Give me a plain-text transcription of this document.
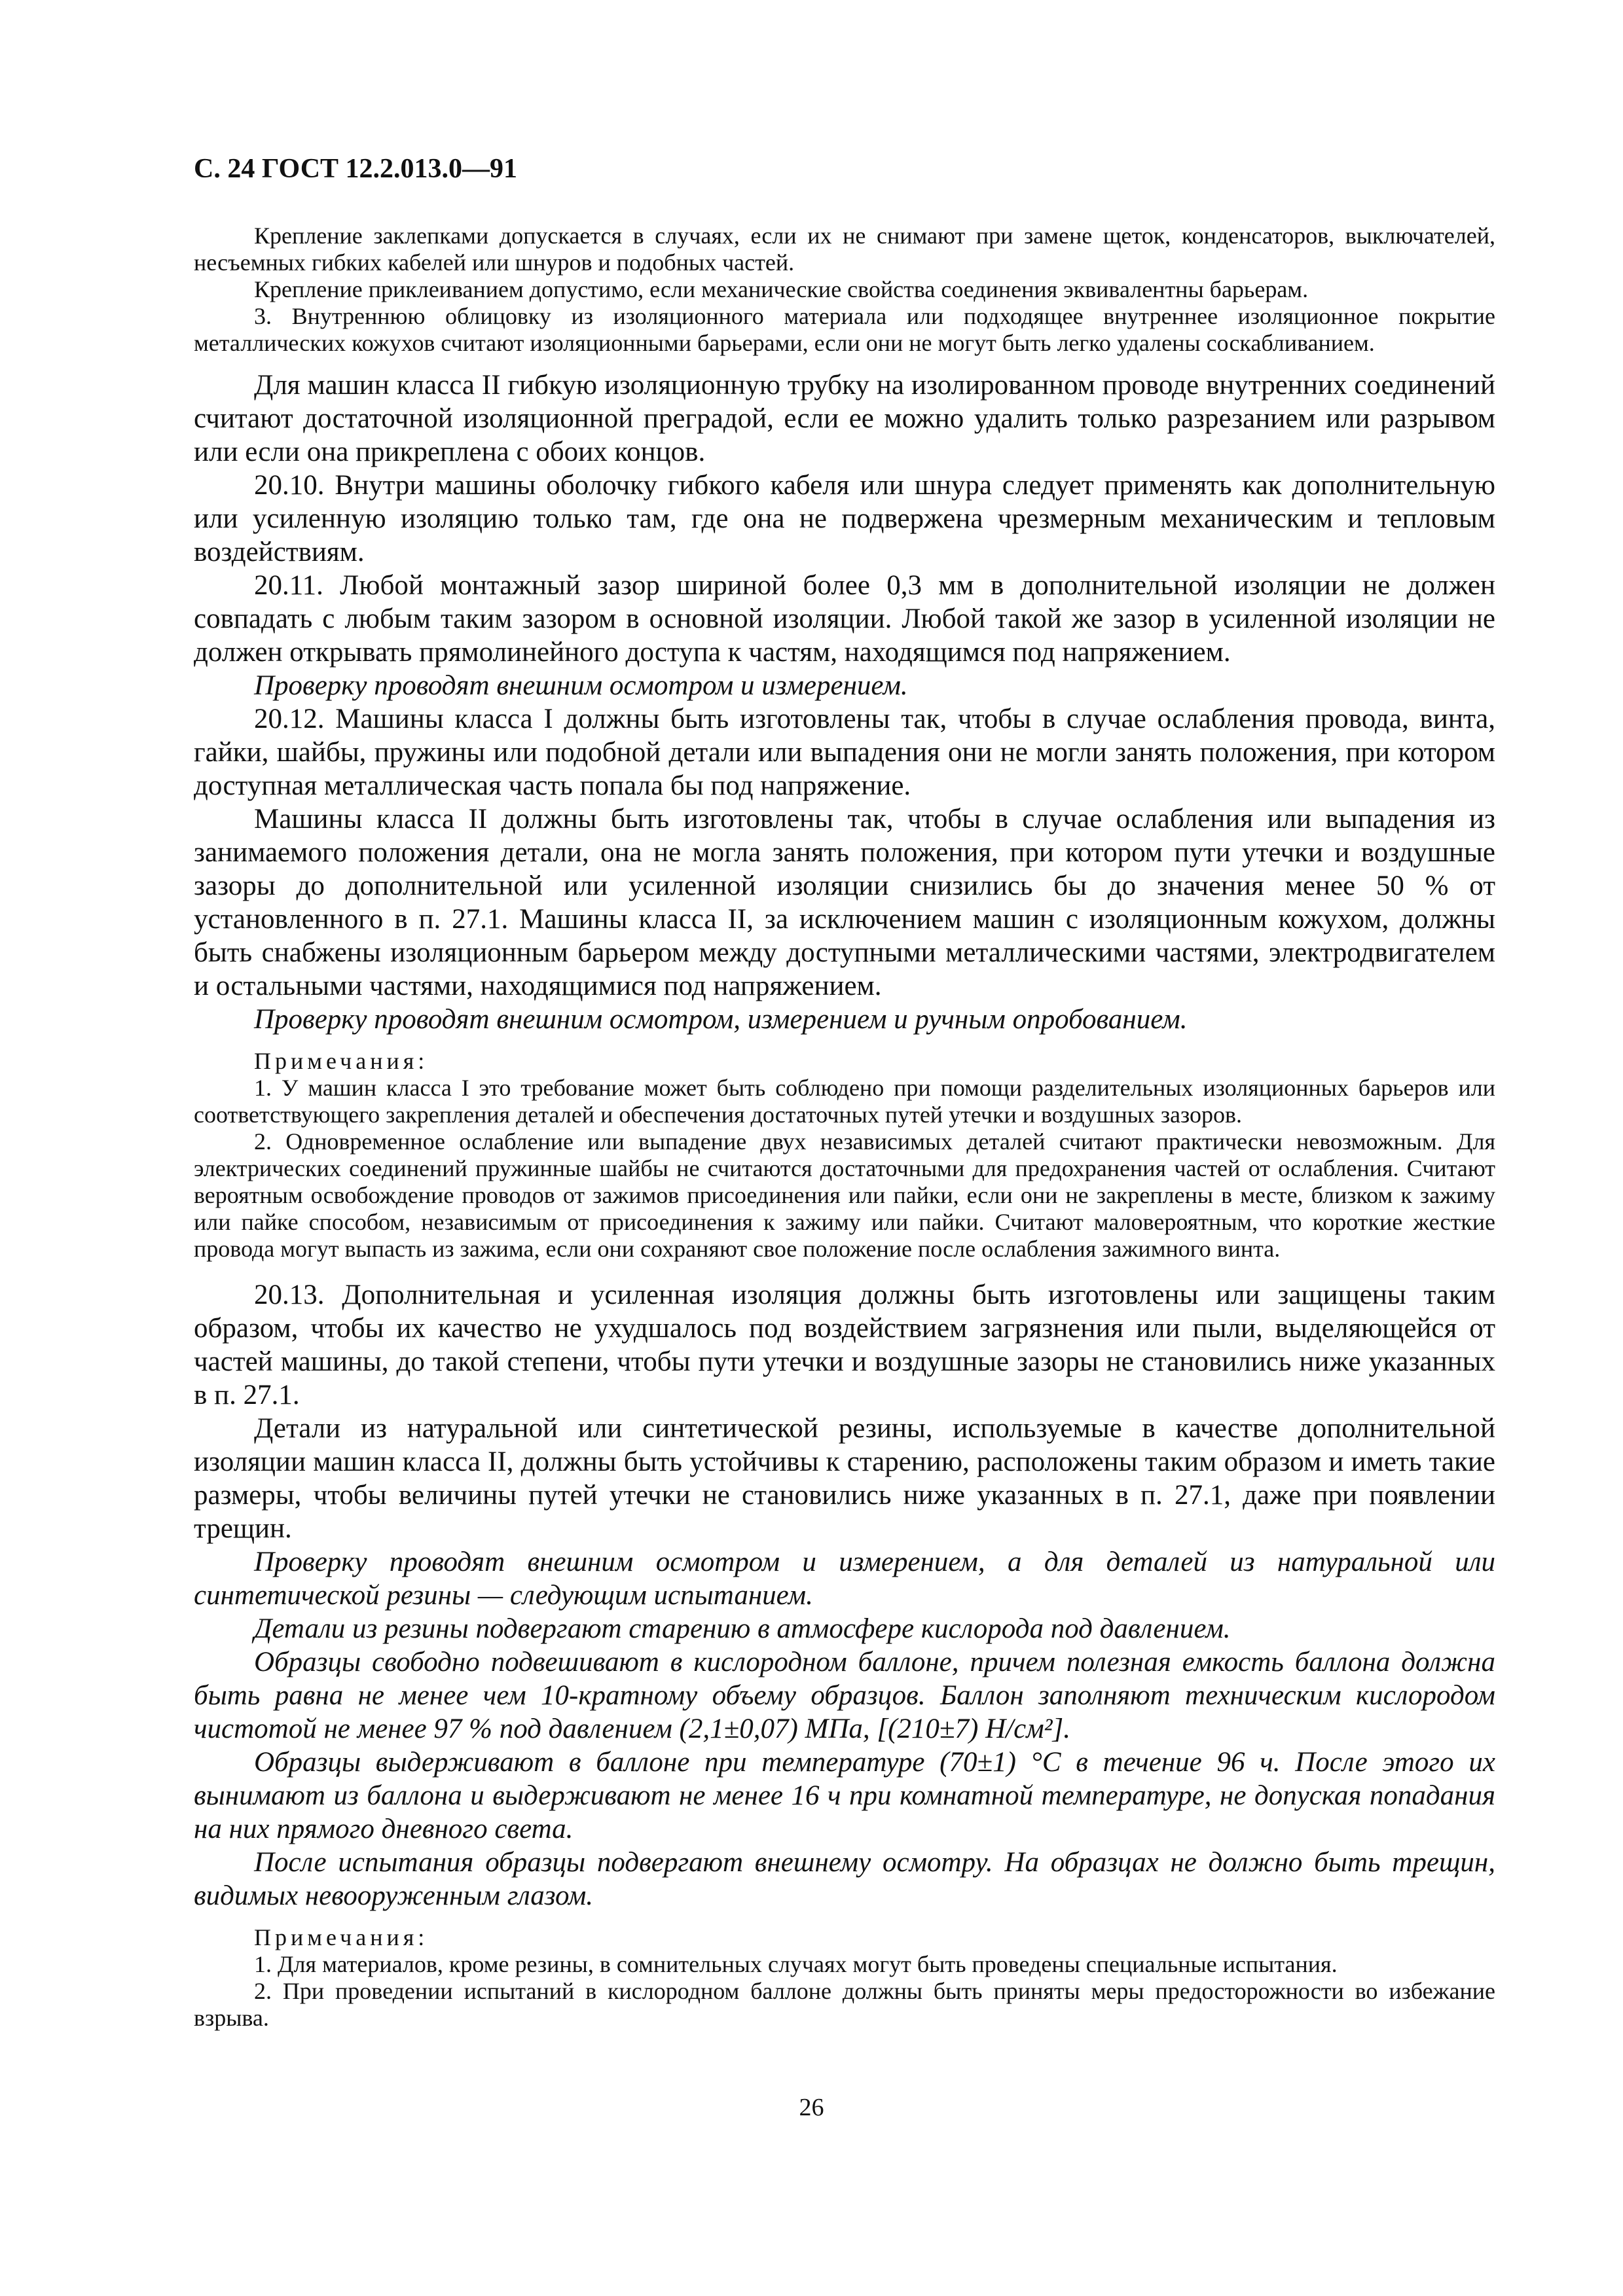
С. 24 ГОСТ 12.2.013.0—91

Крепление заклепками допускается в случаях, если их не снимают при замене щеток, конденсаторов, выключателей, несъемных гибких кабелей или шнуров и подобных частей.

Крепление приклеиванием допустимо, если механические свойства соединения эквивалентны барьерам.

3. Внутреннюю облицовку из изоляционного материала или подходящее внутреннее изоляционное покрытие металлических кожухов считают изоляционными барьерами, если они не могут быть легко удалены соскабливанием.

Для машин класса II гибкую изоляционную трубку на изолированном проводе внутренних соединений считают достаточной изоляционной преградой, если ее можно удалить только разрезанием или разрывом или если она прикреплена с обоих концов.

20.10. Внутри машины оболочку гибкого кабеля или шнура следует применять как дополнительную или усиленную изоляцию только там, где она не подвержена чрезмерным механическим и тепловым воздействиям.

20.11. Любой монтажный зазор шириной более 0,3 мм в дополнительной изоляции не должен совпадать с любым таким зазором в основной изоляции. Любой такой же зазор в усиленной изоляции не должен открывать прямолинейного доступа к частям, находящимся под напряжением.

Проверку проводят внешним осмотром и измерением.

20.12. Машины класса I должны быть изготовлены так, чтобы в случае ослабления провода, винта, гайки, шайбы, пружины или подобной детали или выпадения они не могли занять положения, при котором доступная металлическая часть попала бы под напряжение.

Машины класса II должны быть изготовлены так, чтобы в случае ослабления или выпадения из занимаемого положения детали, она не могла занять положения, при котором пути утечки и воздушные зазоры до дополнительной или усиленной изоляции снизились бы до значения менее 50 % от установленного в п. 27.1. Машины класса II, за исключением машин с изоляционным кожухом, должны быть снабжены изоляционным барьером между доступными металлическими частями, электродвигателем и остальными частями, находящимися под напряжением.

Проверку проводят внешним осмотром, измерением и ручным опробованием.

Примечания:

1. У машин класса I это требование может быть соблюдено при помощи разделительных изоляционных барьеров или соответствующего закрепления деталей и обеспечения достаточных путей утечки и воздушных зазоров.

2. Одновременное ослабление или выпадение двух независимых деталей считают практически невозможным. Для электрических соединений пружинные шайбы не считаются достаточными для предохранения частей от ослабления. Считают вероятным освобождение проводов от зажимов присоединения или пайки, если они не закреплены в месте, близком к зажиму или пайке способом, независимым от присоединения к зажиму или пайки. Считают маловероятным, что короткие жесткие провода могут выпасть из зажима, если они сохраняют свое положение после ослабления зажимного винта.

20.13. Дополнительная и усиленная изоляция должны быть изготовлены или защищены таким образом, чтобы их качество не ухудшалось под воздействием загрязнения или пыли, выделяющейся от частей машины, до такой степени, чтобы пути утечки и воздушные зазоры не становились ниже указанных в п. 27.1.

Детали из натуральной или синтетической резины, используемые в качестве дополнительной изоляции машин класса II, должны быть устойчивы к старению, расположены таким образом и иметь такие размеры, чтобы величины путей утечки не становились ниже указанных в п. 27.1, даже при появлении трещин.

Проверку проводят внешним осмотром и измерением, а для деталей из натуральной или синтетической резины — следующим испытанием.

Детали из резины подвергают старению в атмосфере кислорода под давлением.

Образцы свободно подвешивают в кислородном баллоне, причем полезная емкость баллона должна быть равна не менее чем 10-кратному объему образцов. Баллон заполняют техническим кислородом чистотой не менее 97 % под давлением (2,1±0,07) МПа, [(210±7) Н/см²].

Образцы выдерживают в баллоне при температуре (70±1) °С в течение 96 ч. После этого их вынимают из баллона и выдерживают не менее 16 ч при комнатной температуре, не допуская попадания на них прямого дневного света.

После испытания образцы подвергают внешнему осмотру. На образцах не должно быть трещин, видимых невооруженным глазом.

Примечания:

1. Для материалов, кроме резины, в сомнительных случаях могут быть проведены специальные испытания.

2. При проведении испытаний в кислородном баллоне должны быть приняты меры предосторожности во избежание взрыва.

26
